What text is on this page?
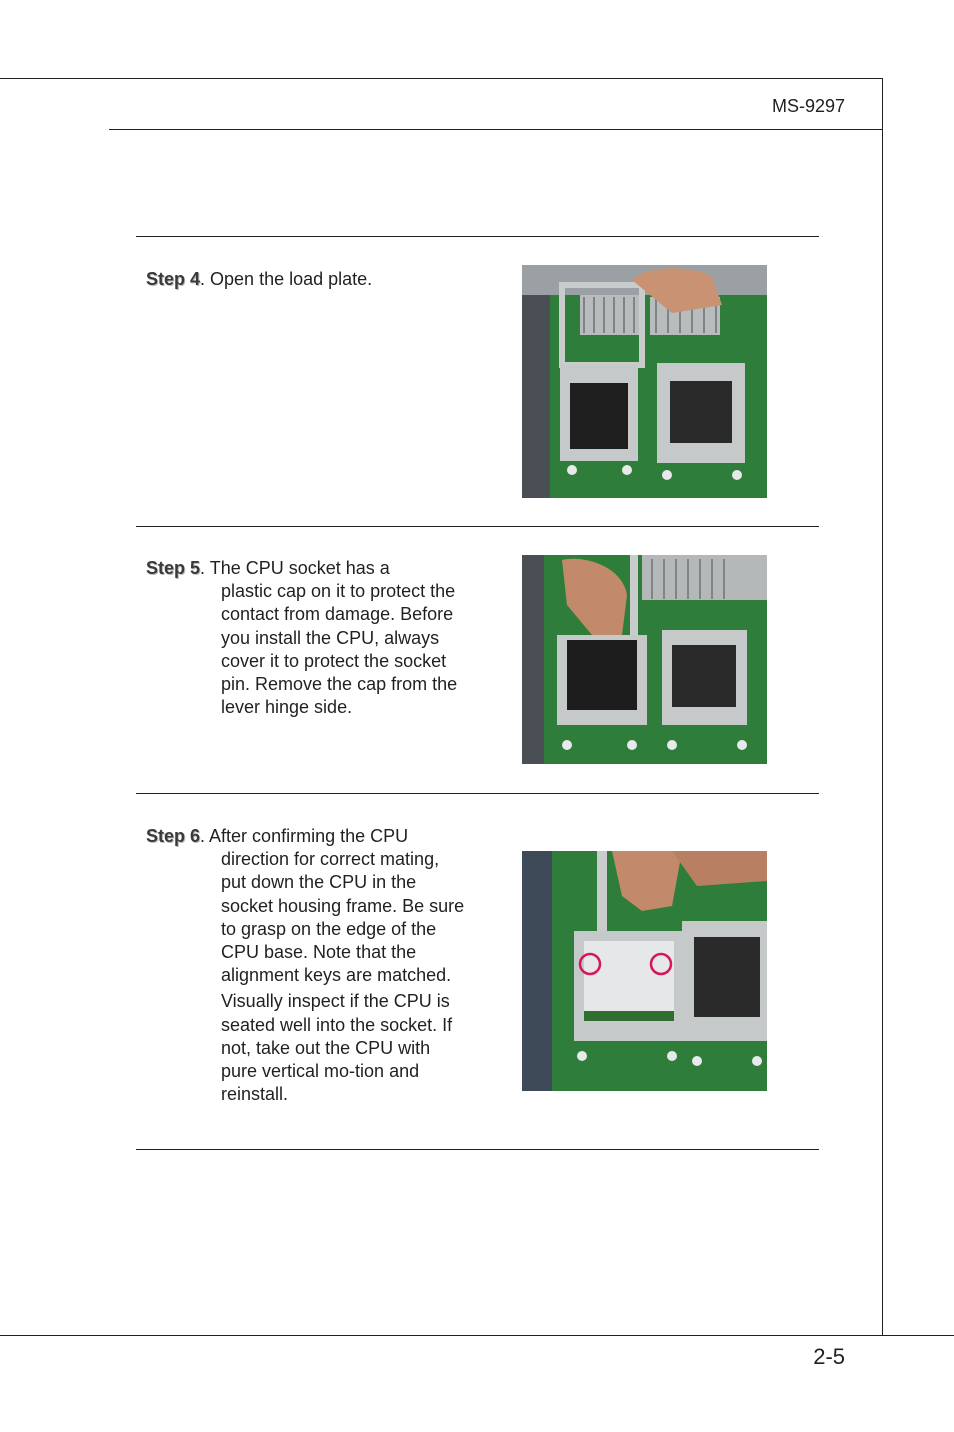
MS-9297
2-5
Step 4. Open the load plate.
Step 5. The CPU socket has a

plastic cap on it to protect the contact from damage. Before you install the CPU, always cover it to protect the socket pin. Remove the cap from the lever hinge side.

Step 6. After confirming the CPU

direction for correct mating, put down the CPU in the socket housing frame. Be sure to grasp on the edge of the CPU base. Note that the alignment keys are matched.

Visually inspect if the CPU is seated well into the socket. If not, take out the CPU with pure vertical mo-tion and reinstall.
